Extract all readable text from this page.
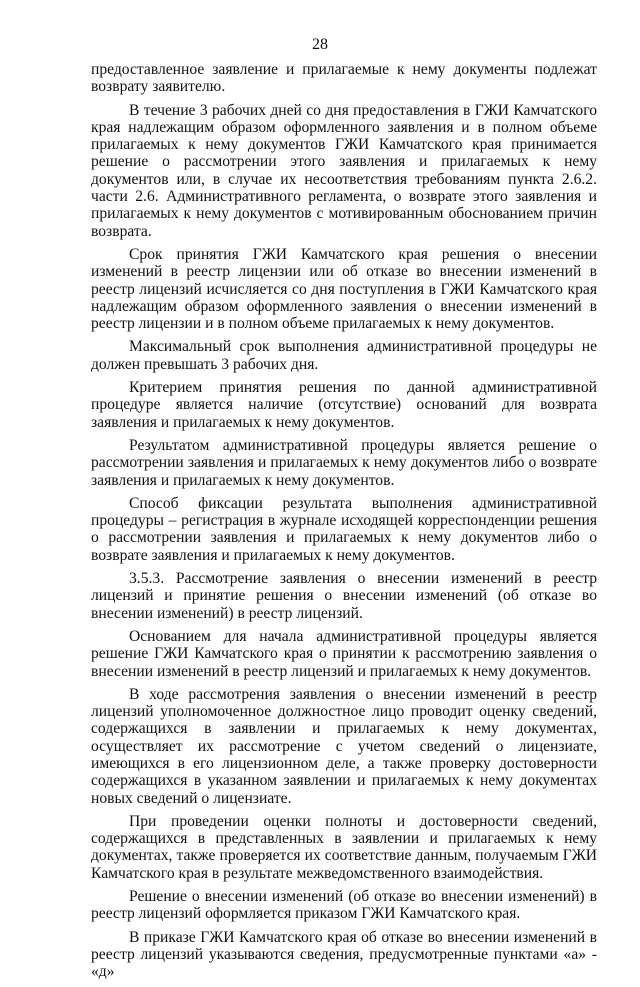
28

предоставленное заявление и прилагаемые к нему документы подлежат возврату заявителю.

В течение 3 рабочих дней со дня предоставления в ГЖИ Камчатского края надлежащим образом оформленного заявления и в полном объеме прилагаемых к нему документов ГЖИ Камчатского края принимается решение о рассмотрении этого заявления и прилагаемых к нему документов или, в случае их несоответствия требованиям пункта 2.6.2. части 2.6. Административного регламента, о возврате этого заявления и прилагаемых к нему документов с мотивированным обоснованием причин возврата.

Срок принятия ГЖИ Камчатского края решения о внесении изменений в реестр лицензии или об отказе во внесении изменений в реестр лицензий исчисляется со дня поступления в ГЖИ Камчатского края надлежащим образом оформленного заявления о внесении изменений в реестр лицензии и в полном объеме прилагаемых к нему документов.

Максимальный срок выполнения административной процедуры не должен превышать 3 рабочих дня.

Критерием принятия решения по данной административной процедуре является наличие (отсутствие) оснований для возврата заявления и прилагаемых к нему документов.

Результатом административной процедуры является решение о рассмотрении заявления и прилагаемых к нему документов либо о возврате заявления и прилагаемых к нему документов.

Способ фиксации результата выполнения административной процедуры – регистрация в журнале исходящей корреспонденции решения о рассмотрении заявления и прилагаемых к нему документов либо о возврате заявления и прилагаемых к нему документов.

3.5.3. Рассмотрение заявления о внесении изменений в реестр лицензий и принятие решения о внесении изменений (об отказе во внесении изменений) в реестр лицензий.

Основанием для начала административной процедуры является решение ГЖИ Камчатского края о принятии к рассмотрению заявления о внесении изменений в реестр лицензий и прилагаемых к нему документов.

В ходе рассмотрения заявления о внесении изменений в реестр лицензий уполномоченное должностное лицо проводит оценку сведений, содержащихся в заявлении и прилагаемых к нему документах, осуществляет их рассмотрение с учетом сведений о лицензиате, имеющихся в его лицензионном деле, а также проверку достоверности содержащихся в указанном заявлении и прилагаемых к нему документах новых сведений о лицензиате.

При проведении оценки полноты и достоверности сведений, содержащихся в представленных в заявлении и прилагаемых к нему документах, также проверяется их соответствие данным, получаемым ГЖИ Камчатского края в результате межведомственного взаимодействия.

Решение о внесении изменений (об отказе во внесении изменений) в реестр лицензий оформляется приказом ГЖИ Камчатского края.

В приказе ГЖИ Камчатского края об отказе во внесении изменений в реестр лицензий указываются сведения, предусмотренные пунктами «а» - «д»
